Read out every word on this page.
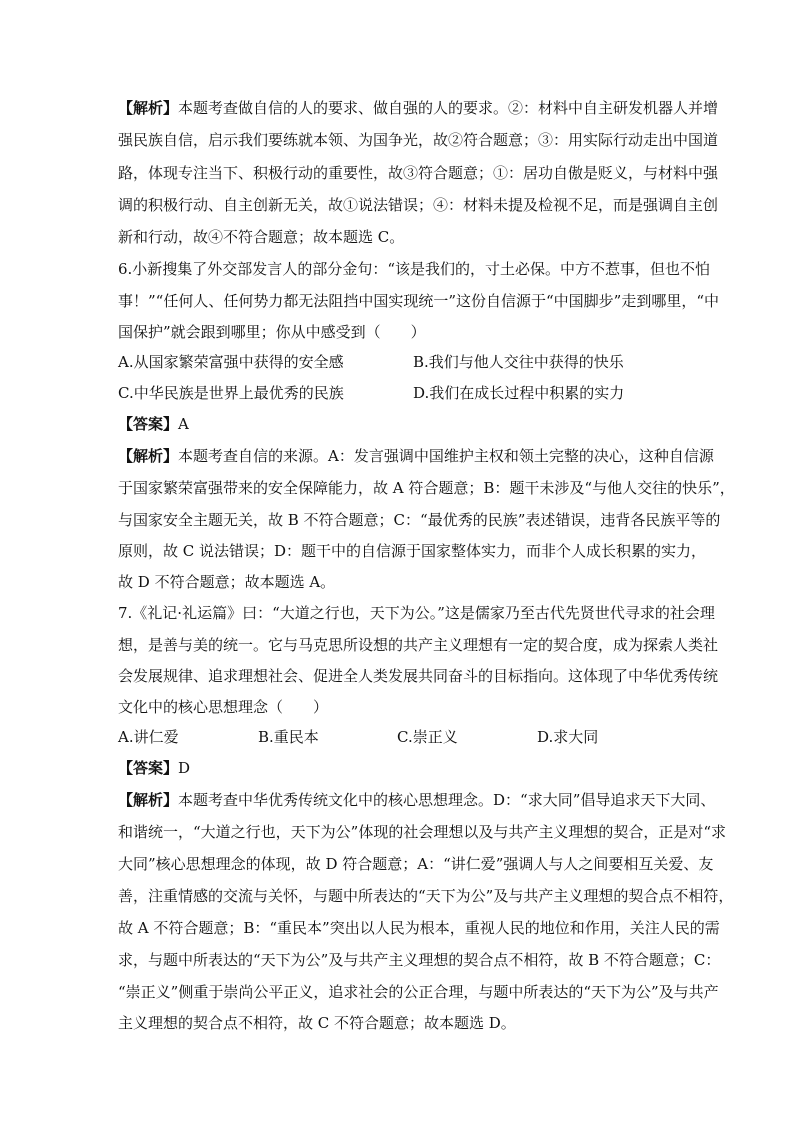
【解析】本题考查做自信的人的要求、做自强的人的要求。②：材料中自主研发机器人并增
强民族自信，启示我们要练就本领、为国争光，故②符合题意；③：用实际行动走出中国道
路，体现专注当下、积极行动的重要性，故③符合题意；①：居功自傲是贬义，与材料中强
调的积极行动、自主创新无关，故①说法错误；④：材料未提及检视不足，而是强调自主创
新和行动，故④不符合题意；故本题选 C。
6.小新搜集了外交部发言人的部分金句：“该是我们的，寸土必保。中方不惹事，但也不怕
事！”“任何人、任何势力都无法阻挡中国实现统一”这份自信源于“中国脚步”走到哪里，“中
国保护”就会跟到哪里；你从中感受到（　　）
A.从国家繁荣富强中获得的安全感	B.我们与他人交往中获得的快乐
C.中华民族是世界上最优秀的民族	D.我们在成长过程中积累的实力
【答案】A
【解析】本题考查自信的来源。A：发言强调中国维护主权和领土完整的决心，这种自信源
于国家繁荣富强带来的安全保障能力，故 A 符合题意；B：题干未涉及“与他人交往的快乐”，
与国家安全主题无关，故 B 不符合题意；C：“最优秀的民族”表述错误，违背各民族平等的
原则，故 C 说法错误；D：题干中的自信源于国家整体实力，而非个人成长积累的实力，
故 D 不符合题意；故本题选 A。
7.《礼记·礼运篇》曰：“大道之行也，天下为公。”这是儒家乃至古代先贤世代寻求的社会理
想，是善与美的统一。它与马克思所设想的共产主义理想有一定的契合度，成为探索人类社
会发展规律、追求理想社会、促进全人类发展共同奋斗的目标指向。这体现了中华优秀传统
文化中的核心思想理念（　　）
A.讲仁爱	B.重民本	C.崇正义	D.求大同
【答案】D
【解析】本题考查中华优秀传统文化中的核心思想理念。D：“求大同”倡导追求天下大同、
和谐统一，“大道之行也，天下为公”体现的社会理想以及与共产主义理想的契合，正是对“求
大同”核心思想理念的体现，故 D 符合题意；A：“讲仁爱”强调人与人之间要相互关爱、友
善，注重情感的交流与关怀，与题中所表达的“天下为公”及与共产主义理想的契合点不相符，
故 A 不符合题意；B：“重民本”突出以人民为根本，重视人民的地位和作用，关注人民的需
求，与题中所表达的“天下为公”及与共产主义理想的契合点不相符，故 B 不符合题意；C：
“崇正义”侧重于崇尚公平正义，追求社会的公正合理，与题中所表达的“天下为公”及与共产
主义理想的契合点不相符，故 C 不符合题意；故本题选 D。
